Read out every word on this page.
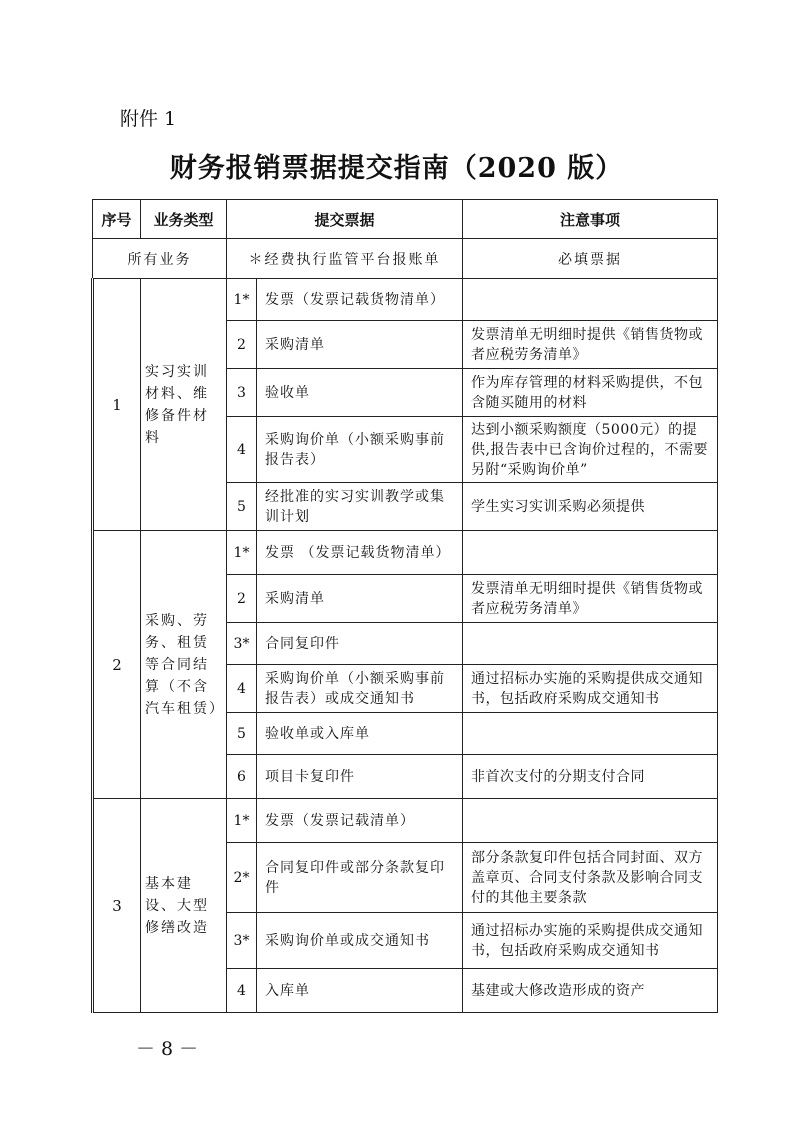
附件 1
财务报销票据提交指南（2020 版）
序号	业务类型	提交票据		注意事项
所有业务		＊经费执行监管平台报账单		必填票据
1	实习实训材料、维修备件材料	1*	发票（发票记载货物清单）	
		2	采购清单	发票清单无明细时提供《销售货物或者应税劳务清单》
		3	验收单	作为库存管理的材料采购提供，不包含随买随用的材料
		4	采购询价单（小额采购事前报告表）	达到小额采购额度（5000元）的提供,报告表中已含询价过程的，不需要另附“采购询价单”
		5	经批准的实习实训教学或集训计划	学生实习实训采购必须提供
2	采购、劳务、租赁等合同结算（不含汽车租赁）	1*	发票 （发票记载货物清单）	
		2	采购清单	发票清单无明细时提供《销售货物或者应税劳务清单》
		3*	合同复印件	
		4	采购询价单（小额采购事前报告表）或成交通知书	通过招标办实施的采购提供成交通知书，包括政府采购成交通知书
		5	验收单或入库单	
		6	项目卡复印件	非首次支付的分期支付合同
3	基本建设、大型修缮改造	1*	发票（发票记载清单）	
		2*	合同复印件或部分条款复印件	部分条款复印件包括合同封面、双方盖章页、合同支付条款及影响合同支付的其他主要条款
		3*	采购询价单或成交通知书	通过招标办实施的采购提供成交通知书，包括政府采购成交通知书
		4	入库单	基建或大修改造形成的资产
－ 8 －
